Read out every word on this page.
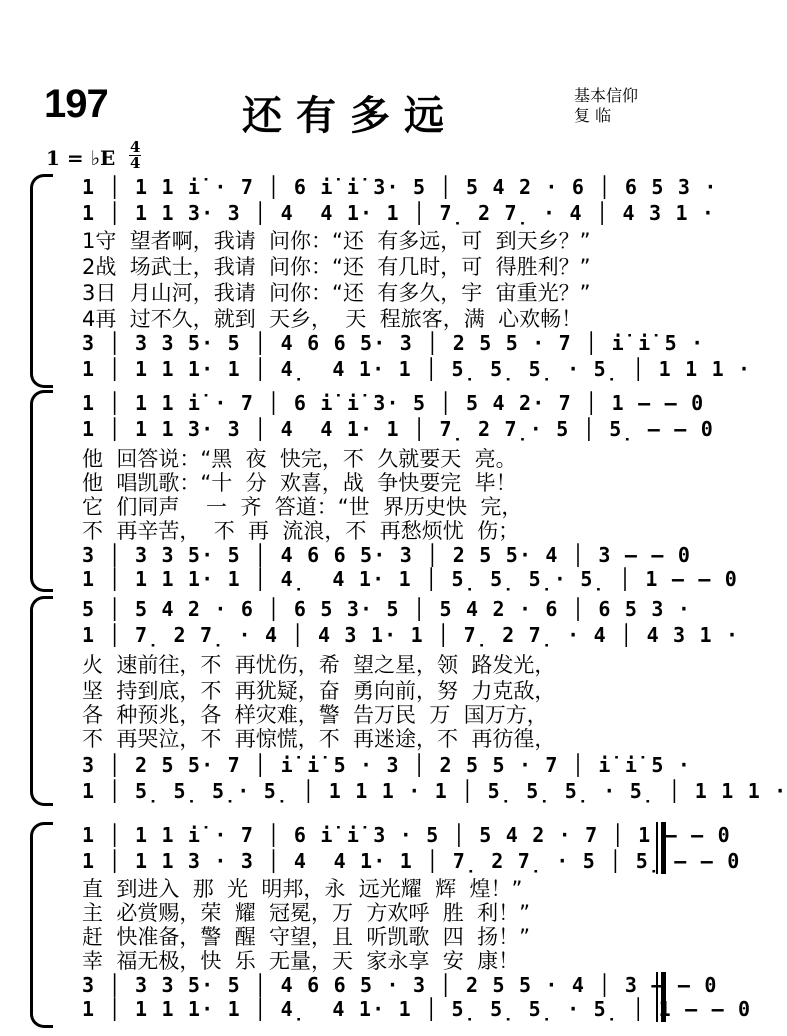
197	还有多远	基本信仰
复 临
1 = ♭E $\frac{4}{4}$
1 │ 1 1 i̇ · 7 │ 6 i̇ i̇ 3· 5 │ 5 4 2 · 6 │ 6 5 3 ·
1 │ 1 1 3· 3 │ 4  4 1· 1 │ 7̣ 2 7̣ · 4 │ 4 3 1 ·
1守  望者啊，我请  问你：“还  有多远，可  到天乡？”
2战  场武士，我请  问你：“还  有几时，可  得胜利？”
3日  月山河，我请  问你：“还  有多久，宇  宙重光？”
4再  过不久，就到  天乡，  天  程旅客，满  心欢畅！
3 │ 3 3 5· 5 │ 4 6 6 5· 3 │ 2 5 5 · 7 │ i̇ i̇ 5 ·
1 │ 1 1 1· 1 │ 4̣  4 1· 1 │ 5̣ 5̣ 5̣ · 5̣ │ 1 1 1 ·
1 │ 1 1 i̇ · 7 │ 6 i̇ i̇ 3· 5 │ 5 4 2· 7 │ 1 – – 0
1 │ 1 1 3· 3 │ 4  4 1· 1 │ 7̣ 2 7̣· 5 │ 5̣ – – 0
他  回答说：“黑  夜  快完，不  久就要天  亮。
他  唱凯歌：“十  分  欢喜，战  争快要完  毕！
它  们同声    一  齐  答道：“世  界历史快  完，
不  再辛苦，  不  再  流浪，不  再愁烦忧  伤；
3 │ 3 3 5· 5 │ 4 6 6 5· 3 │ 2 5 5· 4 │ 3 – – 0
1 │ 1 1 1· 1 │ 4̣  4 1· 1 │ 5̣ 5̣ 5̣· 5̣ │ 1 – – 0
5 │ 5 4 2 · 6 │ 6 5 3· 5 │ 5 4 2 · 6 │ 6 5 3 ·
1 │ 7̣ 2 7̣ · 4 │ 4 3 1· 1 │ 7̣ 2 7̣ · 4 │ 4 3 1 ·
火  速前往，不  再忧伤，希  望之星，领  路发光，
坚  持到底，不  再犹疑，奋  勇向前，努  力克敌，
各  种预兆，各  样灾难，警  告万民  万  国万方，
不  再哭泣，不  再惊慌，不  再迷途，不  再彷徨，
3 │ 2 5 5· 7 │ i̇ i̇ 5 · 3 │ 2 5 5 · 7 │ i̇ i̇ 5 ·
1 │ 5̣ 5̣ 5̣· 5̣ │ 1 1 1 · 1 │ 5̣ 5̣ 5̣ · 5̣ │ 1 1 1 ·
1 │ 1 1 i̇ · 7 │ 6 i̇ i̇ 3 · 5 │ 5 4 2 · 7 │ 1 – – 0
1 │ 1 1 3 · 3 │ 4  4 1· 1 │ 7̣ 2 7̣ · 5 │ 5̣ – – 0
直  到进入  那  光  明邦，永  远光耀  辉  煌！”
主  必赏赐，荣  耀  冠冕，万  方欢呼  胜  利！”
赶  快准备，警  醒  守望，且  听凯歌  四  扬！”
幸  福无极，快  乐  无量，天  家永享  安  康！
3 │ 3 3 5· 5 │ 4 6 6 5 · 3 │ 2 5 5 · 4 │ 3 – – 0
1 │ 1 1 1· 1 │ 4̣  4 1· 1 │ 5̣ 5̣ 5̣ · 5̣ │ 1 – – 0
